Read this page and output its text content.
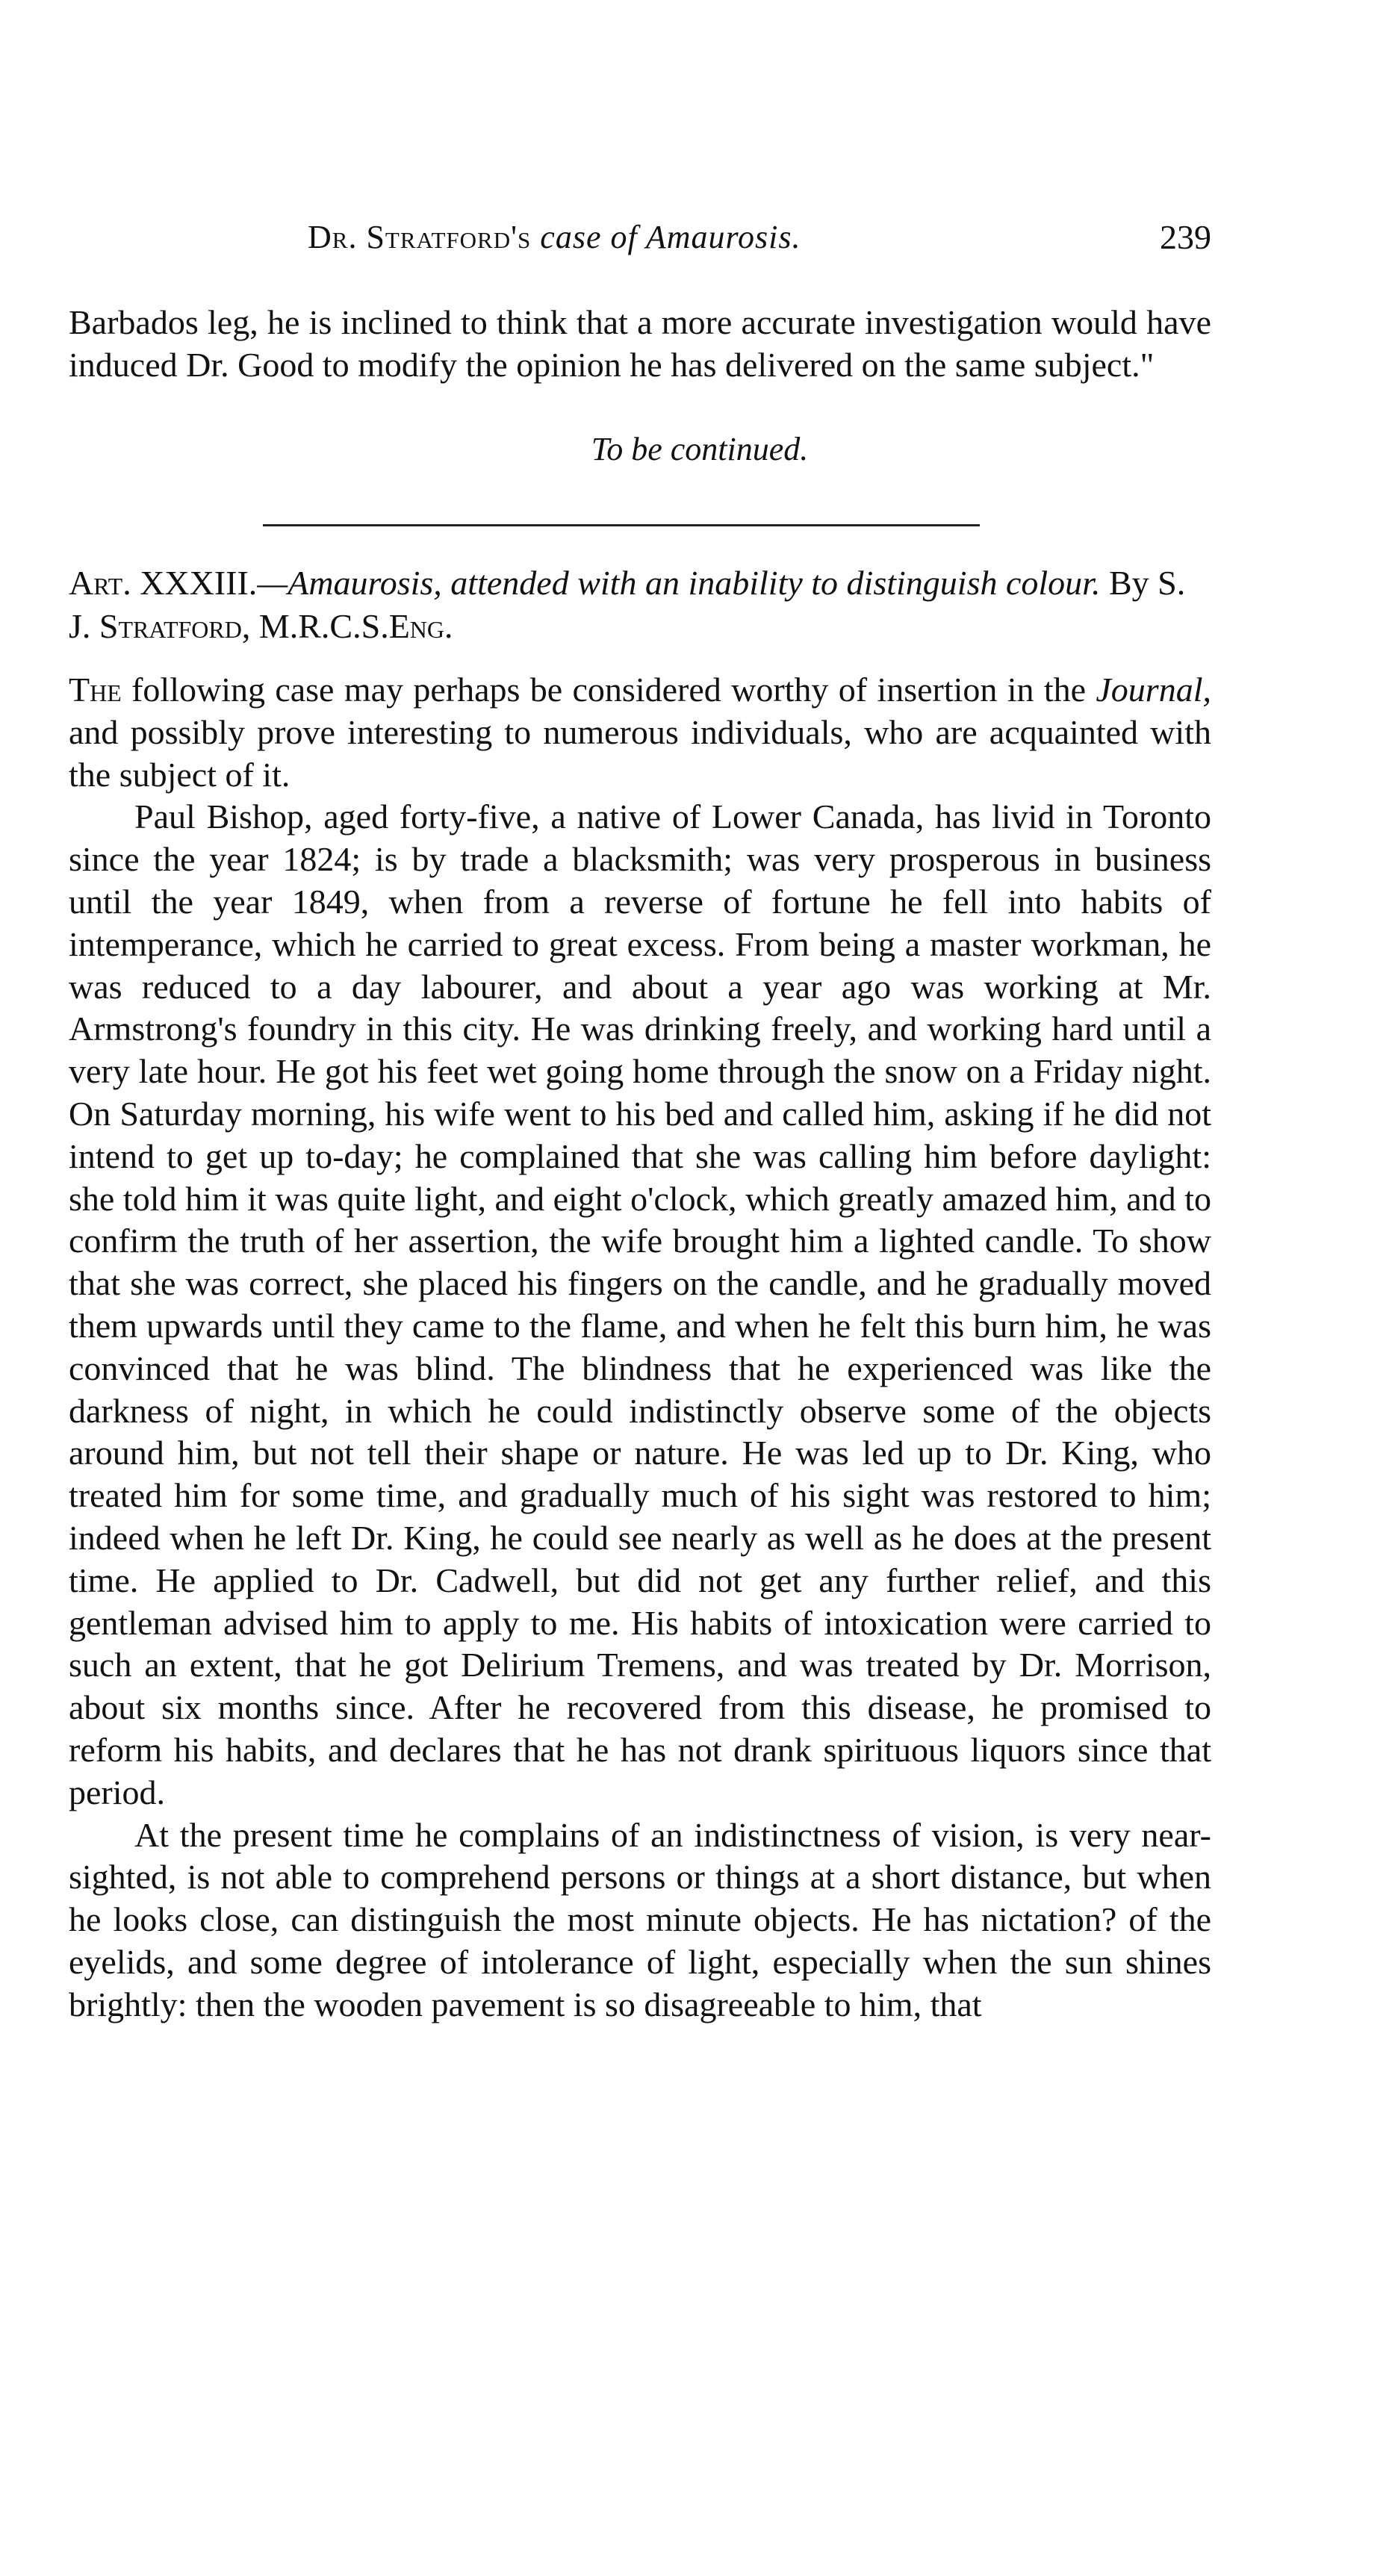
Dr. Stratford's case of Amaurosis.	239

Barbados leg, he is inclined to think that a more accurate investigation would have induced Dr. Good to modify the opinion he has delivered on the same subject."

To be continued.

Art. XXXIII.—Amaurosis, attended with an inability to distinguish colour. By S. J. Stratford, M.R.C.S.Eng.

The following case may perhaps be considered worthy of insertion in the Journal, and possibly prove interesting to numerous individuals, who are acquainted with the subject of it.

Paul Bishop, aged forty-five, a native of Lower Canada, has livid in Toronto since the year 1824; is by trade a blacksmith; was very prosperous in business until the year 1849, when from a reverse of fortune he fell into habits of intemperance, which he carried to great excess. From being a master workman, he was reduced to a day labourer, and about a year ago was working at Mr. Armstrong's foundry in this city. He was drinking freely, and working hard until a very late hour. He got his feet wet going home through the snow on a Friday night. On Saturday morning, his wife went to his bed and called him, asking if he did not intend to get up to-day; he complained that she was calling him before daylight: she told him it was quite light, and eight o'clock, which greatly amazed him, and to confirm the truth of her assertion, the wife brought him a lighted candle. To show that she was correct, she placed his fingers on the candle, and he gradually moved them upwards until they came to the flame, and when he felt this burn him, he was convinced that he was blind. The blindness that he experienced was like the darkness of night, in which he could indistinctly observe some of the objects around him, but not tell their shape or nature. He was led up to Dr. King, who treated him for some time, and gradually much of his sight was restored to him; indeed when he left Dr. King, he could see nearly as well as he does at the present time. He applied to Dr. Cadwell, but did not get any further relief, and this gentleman advised him to apply to me. His habits of intoxication were carried to such an extent, that he got Delirium Tremens, and was treated by Dr. Morrison, about six months since. After he recovered from this disease, he promised to reform his habits, and declares that he has not drank spirituous liquors since that period.

At the present time he complains of an indistinctness of vision, is very near-sighted, is not able to comprehend persons or things at a short distance, but when he looks close, can distinguish the most minute objects. He has nictation? of the eyelids, and some degree of intolerance of light, especially when the sun shines brightly: then the wooden pavement is so disagreeable to him, that
